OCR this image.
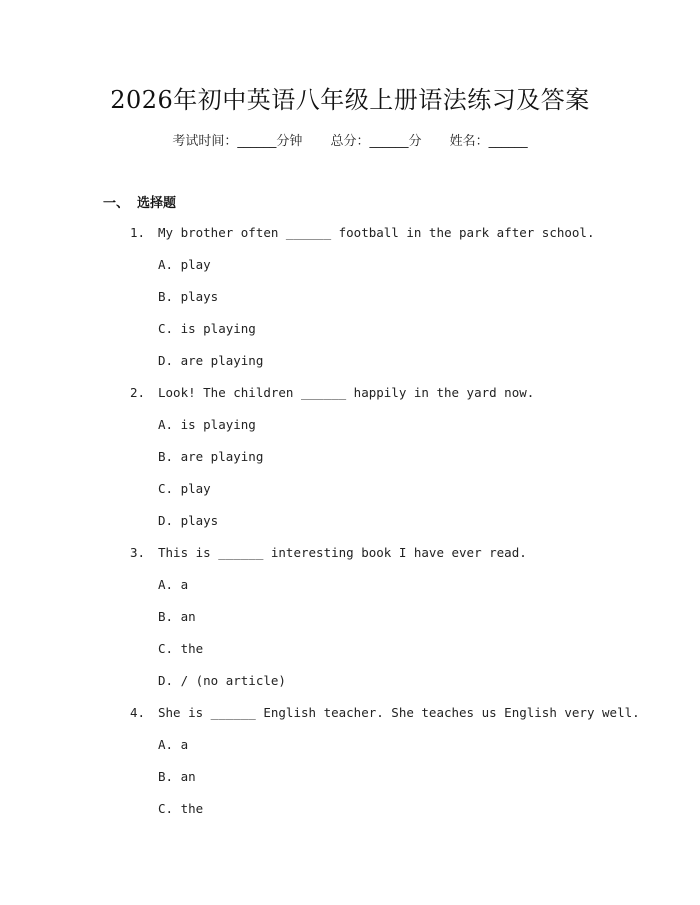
2026年初中英语八年级上册语法练习及答案
考试时间：______分钟 总分：______分 姓名：______
一、 选择题
1. My brother often ______ football in the park after school.
A. play
B. plays
C. is playing
D. are playing
2. Look! The children ______ happily in the yard now.
A. is playing
B. are playing
C. play
D. plays
3. This is ______ interesting book I have ever read.
A. a
B. an
C. the
D. / (no article)
4. She is ______ English teacher. She teaches us English very well.
A. a
B. an
C. the
